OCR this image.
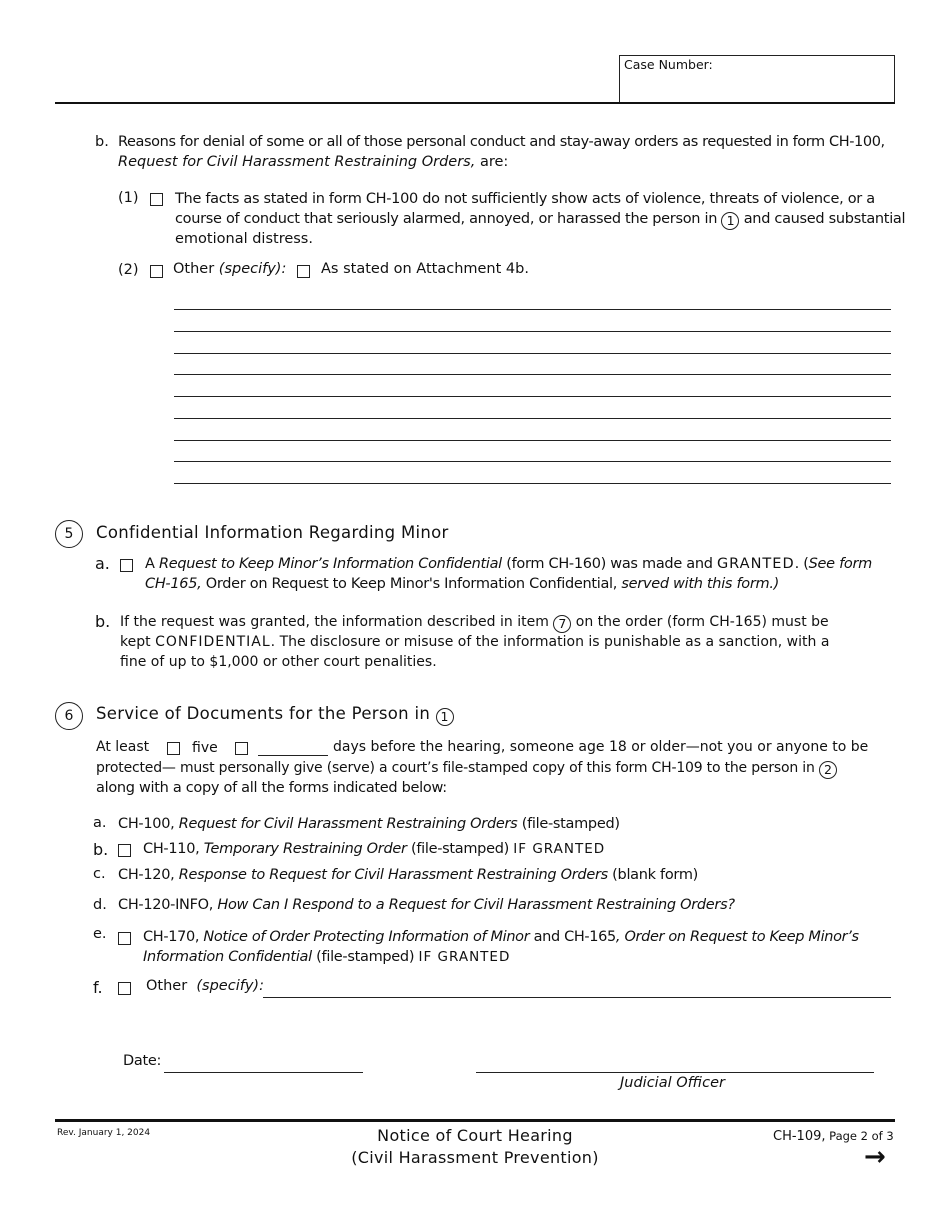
Case Number:
b. Reasons for denial of some or all of those personal conduct and stay-away orders as requested in form CH-100,
Request for Civil Harassment Restraining Orders, are:
(1)	The facts as stated in form CH-100 do not sufficiently show acts of violence, threats of violence, or a
course of conduct that seriously alarmed, annoyed, or harassed the person in 1 and caused substantial
emotional distress.
(2) Other (specify): As stated on Attachment 4b.
5	Confidential Information Regarding Minor
a. A Request to Keep Minor’s Information Confidential (form CH-160) was made and GRANTED. (See form
CH-165, Order on Request to Keep Minor's Information Confidential, served with this form.)
b. If the request was granted, the information described in item 7 on the order (form CH-165) must be
kept CONFIDENTIAL. The disclosure or misuse of the information is punishable as a sanction, with a
fine of up to $1,000 or other court penalities.
6	Service of Documents for the Person in 1
At least	five	days before the hearing, someone age 18 or older—not you or anyone to be
protected— must personally give (serve) a court’s file-stamped copy of this form CH-109 to the person in 2
along with a copy of all the forms indicated below:
a. CH-100, Request for Civil Harassment Restraining Orders (file-stamped)
b. CH-110, Temporary Restraining Order (file-stamped) IF GRANTED
c. CH-120, Response to Request for Civil Harassment Restraining Orders (blank form)
d. CH-120-INFO, How Can I Respond to a Request for Civil Harassment Restraining Orders?
e.	CH-170, Notice of Order Protecting Information of Minor and CH-165, Order on Request to Keep Minor’s
Information Confidential (file-stamped) IF GRANTED
f.	Other (specify):
Date:
Judicial Officer
Rev. January 1, 2024	Notice of Court Hearing
(Civil Harassment Prevention)
CH-109, Page 2 of 3
→
